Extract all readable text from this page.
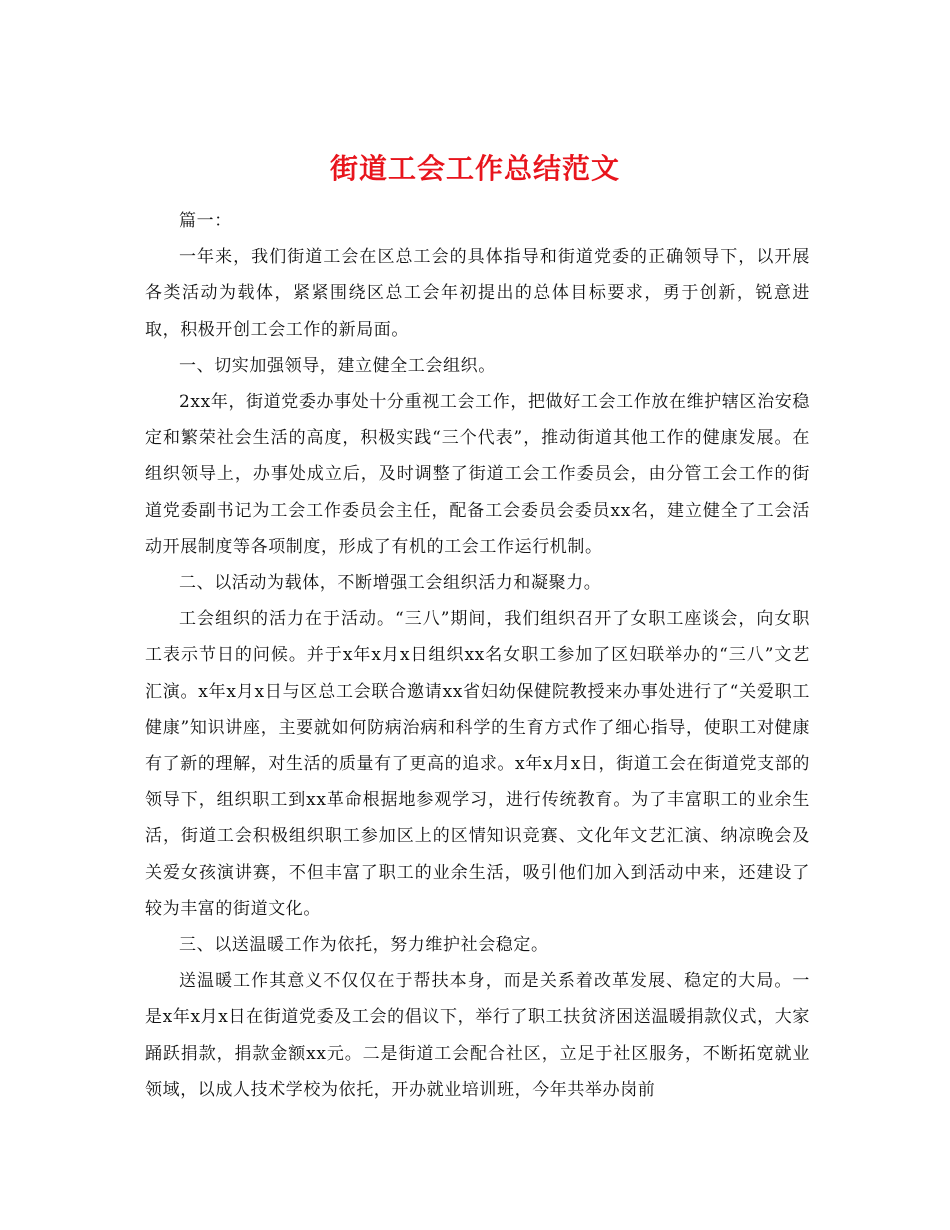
街道工会工作总结范文

篇一：

一年来，我们街道工会在区总工会的具体指导和街道党委的正确领导下，以开展各类活动为载体，紧紧围绕区总工会年初提出的总体目标要求，勇于创新，锐意进取，积极开创工会工作的新局面。

一、切实加强领导，建立健全工会组织。

2xx年，街道党委办事处十分重视工会工作，把做好工会工作放在维护辖区治安稳定和繁荣社会生活的高度，积极实践“三个代表”，推动街道其他工作的健康发展。在组织领导上，办事处成立后，及时调整了街道工会工作委员会，由分管工会工作的街道党委副书记为工会工作委员会主任，配备工会委员会委员xx名，建立健全了工会活动开展制度等各项制度，形成了有机的工会工作运行机制。

二、以活动为载体，不断增强工会组织活力和凝聚力。

工会组织的活力在于活动。“三八”期间，我们组织召开了女职工座谈会，向女职工表示节日的问候。并于x年x月x日组织xx名女职工参加了区妇联举办的“三八”文艺汇演。x年x月x日与区总工会联合邀请xx省妇幼保健院教授来办事处进行了“关爱职工健康”知识讲座，主要就如何防病治病和科学的生育方式作了细心指导，使职工对健康有了新的理解，对生活的质量有了更高的追求。x年x月x日，街道工会在街道党支部的领导下，组织职工到xx革命根据地参观学习，进行传统教育。为了丰富职工的业余生活，街道工会积极组织职工参加区上的区情知识竞赛、文化年文艺汇演、纳凉晚会及关爱女孩演讲赛，不但丰富了职工的业余生活，吸引他们加入到活动中来，还建设了较为丰富的街道文化。

三、以送温暖工作为依托，努力维护社会稳定。

送温暖工作其意义不仅仅在于帮扶本身，而是关系着改革发展、稳定的大局。一是x年x月x日在街道党委及工会的倡议下，举行了职工扶贫济困送温暖捐款仪式，大家踊跃捐款，捐款金额xx元。二是街道工会配合社区，立足于社区服务，不断拓宽就业领域，以成人技术学校为依托，开办就业培训班，今年共举办岗前
